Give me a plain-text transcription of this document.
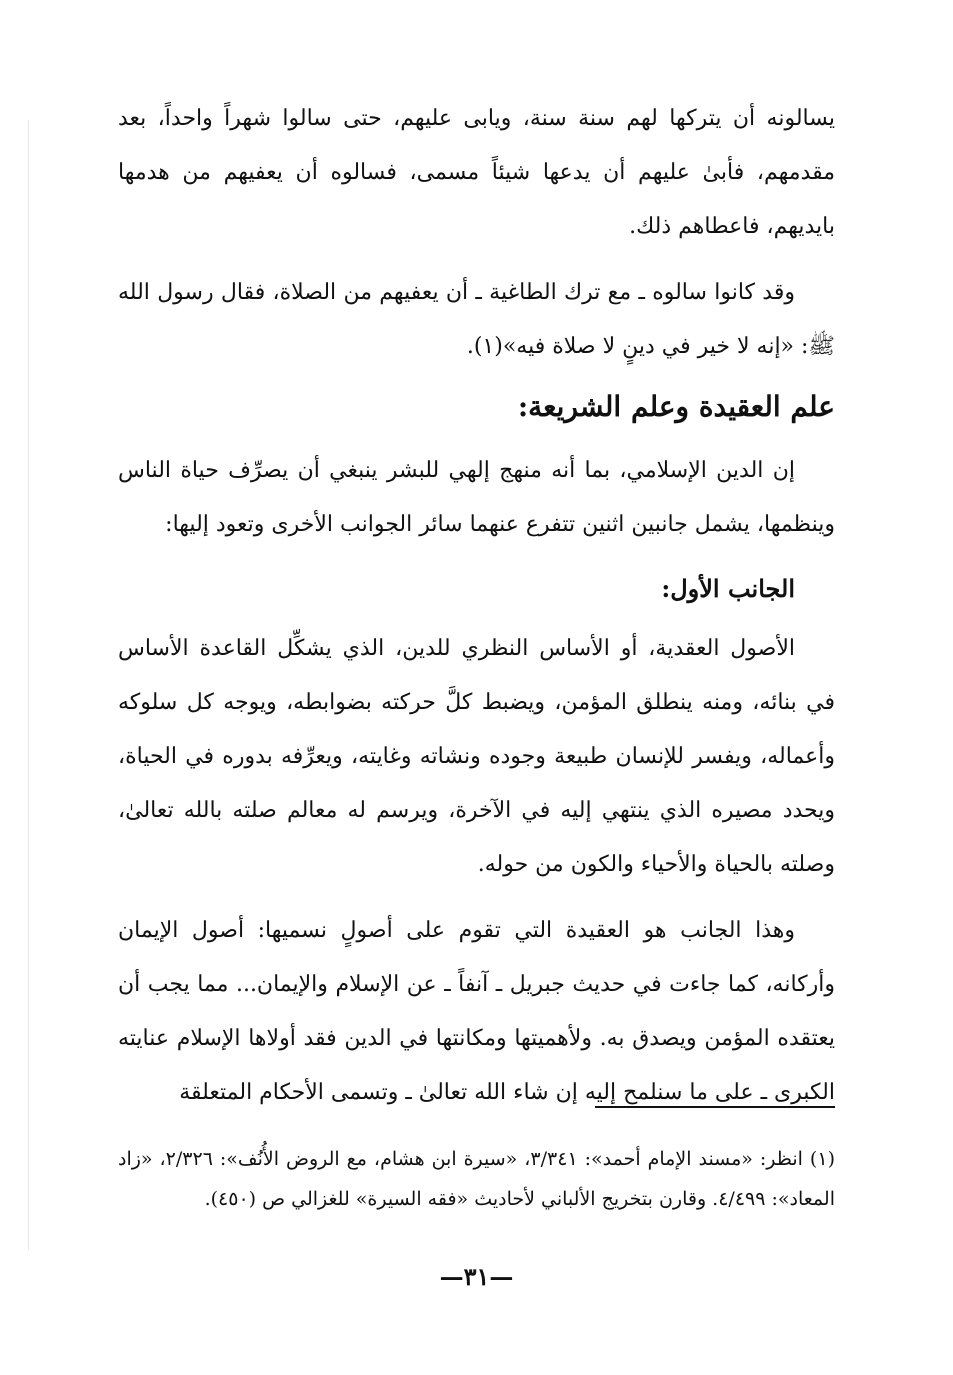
يسالونه أن يتركها لهم سنة سنة، ويابى عليهم، حتى سالوا شهراً واحداً، بعد مقدمهم، فأبىٰ عليهم أن يدعها شيئاً مسمى، فسالوه أن يعفيهم من هدمها بايديهم، فاعطاهم ذلك.

وقد كانوا سالوه ـ مع ترك الطاغية ـ أن يعفيهم من الصلاة، فقال رسول الله ﷺ: «إنه لا خير في دينٍ لا صلاة فيه»(١).

علم العقيدة وعلم الشريعة:

إن الدين الإسلامي، بما أنه منهج إلهي للبشر ينبغي أن يصرِّف حياة الناس وينظمها، يشمل جانبين اثنين تتفرع عنهما سائر الجوانب الأخرى وتعود إليها:

الجانب الأول:

الأصول العقدية، أو الأساس النظري للدين، الذي يشكِّل القاعدة الأساس في بنائه، ومنه ينطلق المؤمن، ويضبط كلَّ حركته بضوابطه، ويوجه كل سلوكه وأعماله، ويفسر للإنسان طبيعة وجوده ونشاته وغايته، ويعرِّفه بدوره في الحياة، ويحدد مصيره الذي ينتهي إليه في الآخرة، ويرسم له معالم صلته بالله تعالىٰ، وصلته بالحياة والأحياء والكون من حوله.

وهذا الجانب هو العقيدة التي تقوم على أصولٍ نسميها: أصول الإيمان وأركانه، كما جاءت في حديث جبريل ـ آنفاً ـ عن الإسلام والإيمان... مما يجب أن يعتقده المؤمن ويصدق به. ولأهميتها ومكانتها في الدين فقد أولاها الإسلام عنايته الكبرى ـ على ما سنلمح إليه إن شاء الله تعالىٰ ـ وتسمى الأحكام المتعلقة

(١) انظر: «مسند الإمام أحمد»: ٣/٣٤١، «سيرة ابن هشام، مع الروض الأُنُف»: ٢/٣٢٦، «زاد المعاد»: ٤/٤٩٩. وقارن بتخريج الألباني لأحاديث «فقه السيرة» للغزالي ص (٤٥٠).

—٣١—
